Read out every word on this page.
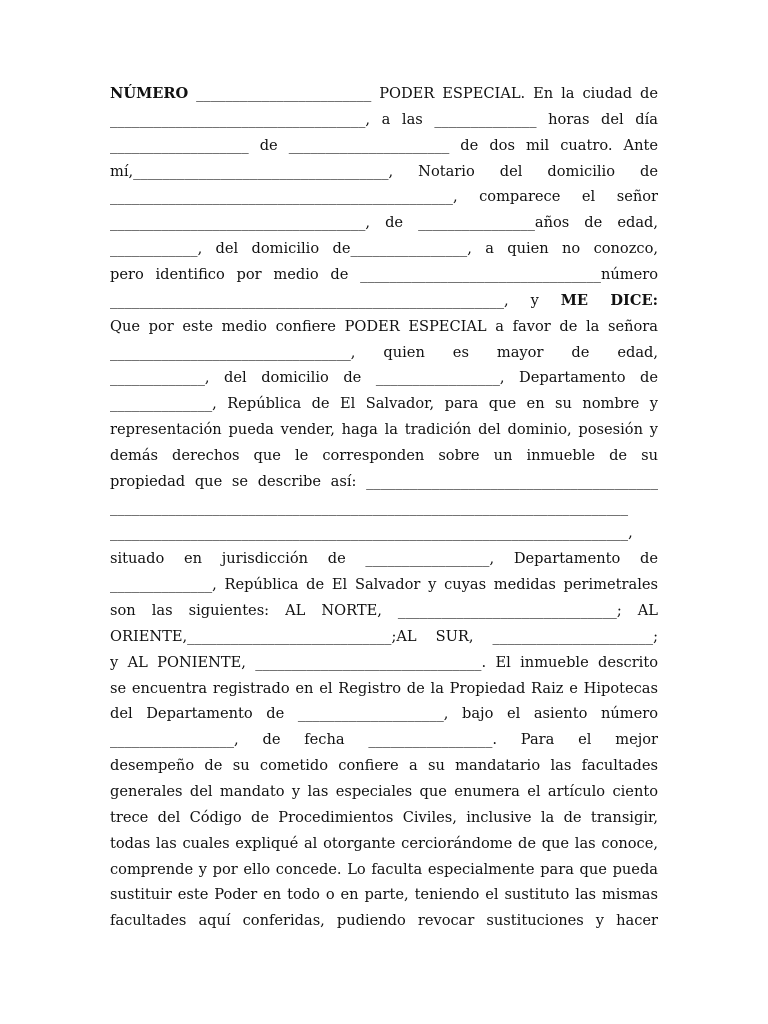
NÚMERO ________________________ PODER ESPECIAL. En la ciudad de
___________________________________, a las ______________ horas del día
___________________ de ______________________ de dos mil cuatro. Ante
mí,___________________________________, Notario del domicilio de
_______________________________________________, comparece el señor
___________________________________, de ________________años de edad,
____________, del domicilio de________________, a quien no conozco,
pero identifico por medio de _________________________________número
______________________________________________________, y ME DICE:
Que por este medio confiere PODER ESPECIAL a favor de la señora
_________________________________, quien es mayor de edad,
_____________, del domicilio de _________________, Departamento de
______________, República de El Salvador, para que en su nombre y
representación pueda vender, haga la tradición del dominio, posesión y
demás derechos que le corresponden sobre un inmueble de su
propiedad que se describe así: ________________________________________
_______________________________________________________________________
_______________________________________________________________________,
situado en jurisdicción de _________________, Departamento de
______________, República de El Salvador y cuyas medidas perimetrales
son las siguientes: AL NORTE, ______________________________; AL
ORIENTE,____________________________;AL SUR, ______________________;
y AL PONIENTE, _______________________________. El inmueble descrito
se encuentra registrado en el Registro de la Propiedad Raiz e Hipotecas
del Departamento de ____________________, bajo el asiento número
_________________, de fecha _________________. Para el mejor
desempeño de su cometido confiere a su mandatario las facultades
generales del mandato y las especiales que enumera el artículo ciento
trece del Código de Procedimientos Civiles, inclusive la de transigir,
todas las cuales expliqué al otorgante cerciorándome de que las conoce,
comprende y por ello concede. Lo faculta especialmente para que pueda
sustituir este Poder en todo o en parte, teniendo el sustituto las mismas
facultades aquí conferidas, pudiendo revocar sustituciones y hacer
